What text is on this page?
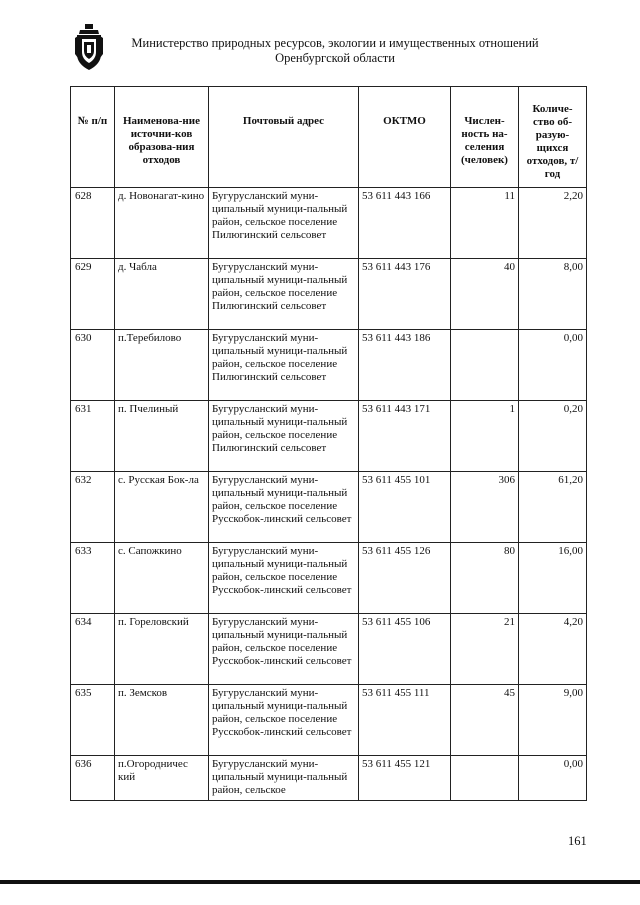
Министерство природных ресурсов, экологии и имущественных отношений
Оренбургской области
№ п/п	Наименова-ние источни-ков образова-ния отходов	Почтовый адрес	ОКТМО	Числен-ность на-селения (человек)	Количе-ство об-разую-щихся отходов, т/год
628	д. Новонагат-кино	Бугурусланский муни-ципальный муници-пальный район, сельское поселение Пилюгинский сельсовет	53 611 443 166	11	2,20
629	д. Чабла	Бугурусланский муни-ципальный муници-пальный район, сельское поселение Пилюгинский сельсовет	53 611 443 176	40	8,00
630	п.Теребилово	Бугурусланский муни-ципальный муници-пальный район, сельское поселение Пилюгинский сельсовет	53 611 443 186		0,00
631	п. Пчелиный	Бугурусланский муни-ципальный муници-пальный район, сельское поселение Пилюгинский сельсовет	53 611 443 171	1	0,20
632	с. Русская Бок-ла	Бугурусланский муни-ципальный муници-пальный район, сельское поселение Русскобок-линский сельсовет	53 611 455 101	306	61,20
633	с. Сапожкино	Бугурусланский муни-ципальный муници-пальный район, сельское поселение Русскобок-линский сельсовет	53 611 455 126	80	16,00
634	п. Гореловский	Бугурусланский муни-ципальный муници-пальный район, сельское поселение Русскобок-линский сельсовет	53 611 455 106	21	4,20
635	п. Земсков	Бугурусланский муни-ципальный муници-пальный район, сельское поселение Русскобок-линский сельсовет	53 611 455 111	45	9,00
636	п.Огородничес кий	Бугурусланский муни-ципальный муници-пальный район, сельское	53 611 455 121		0,00
161
